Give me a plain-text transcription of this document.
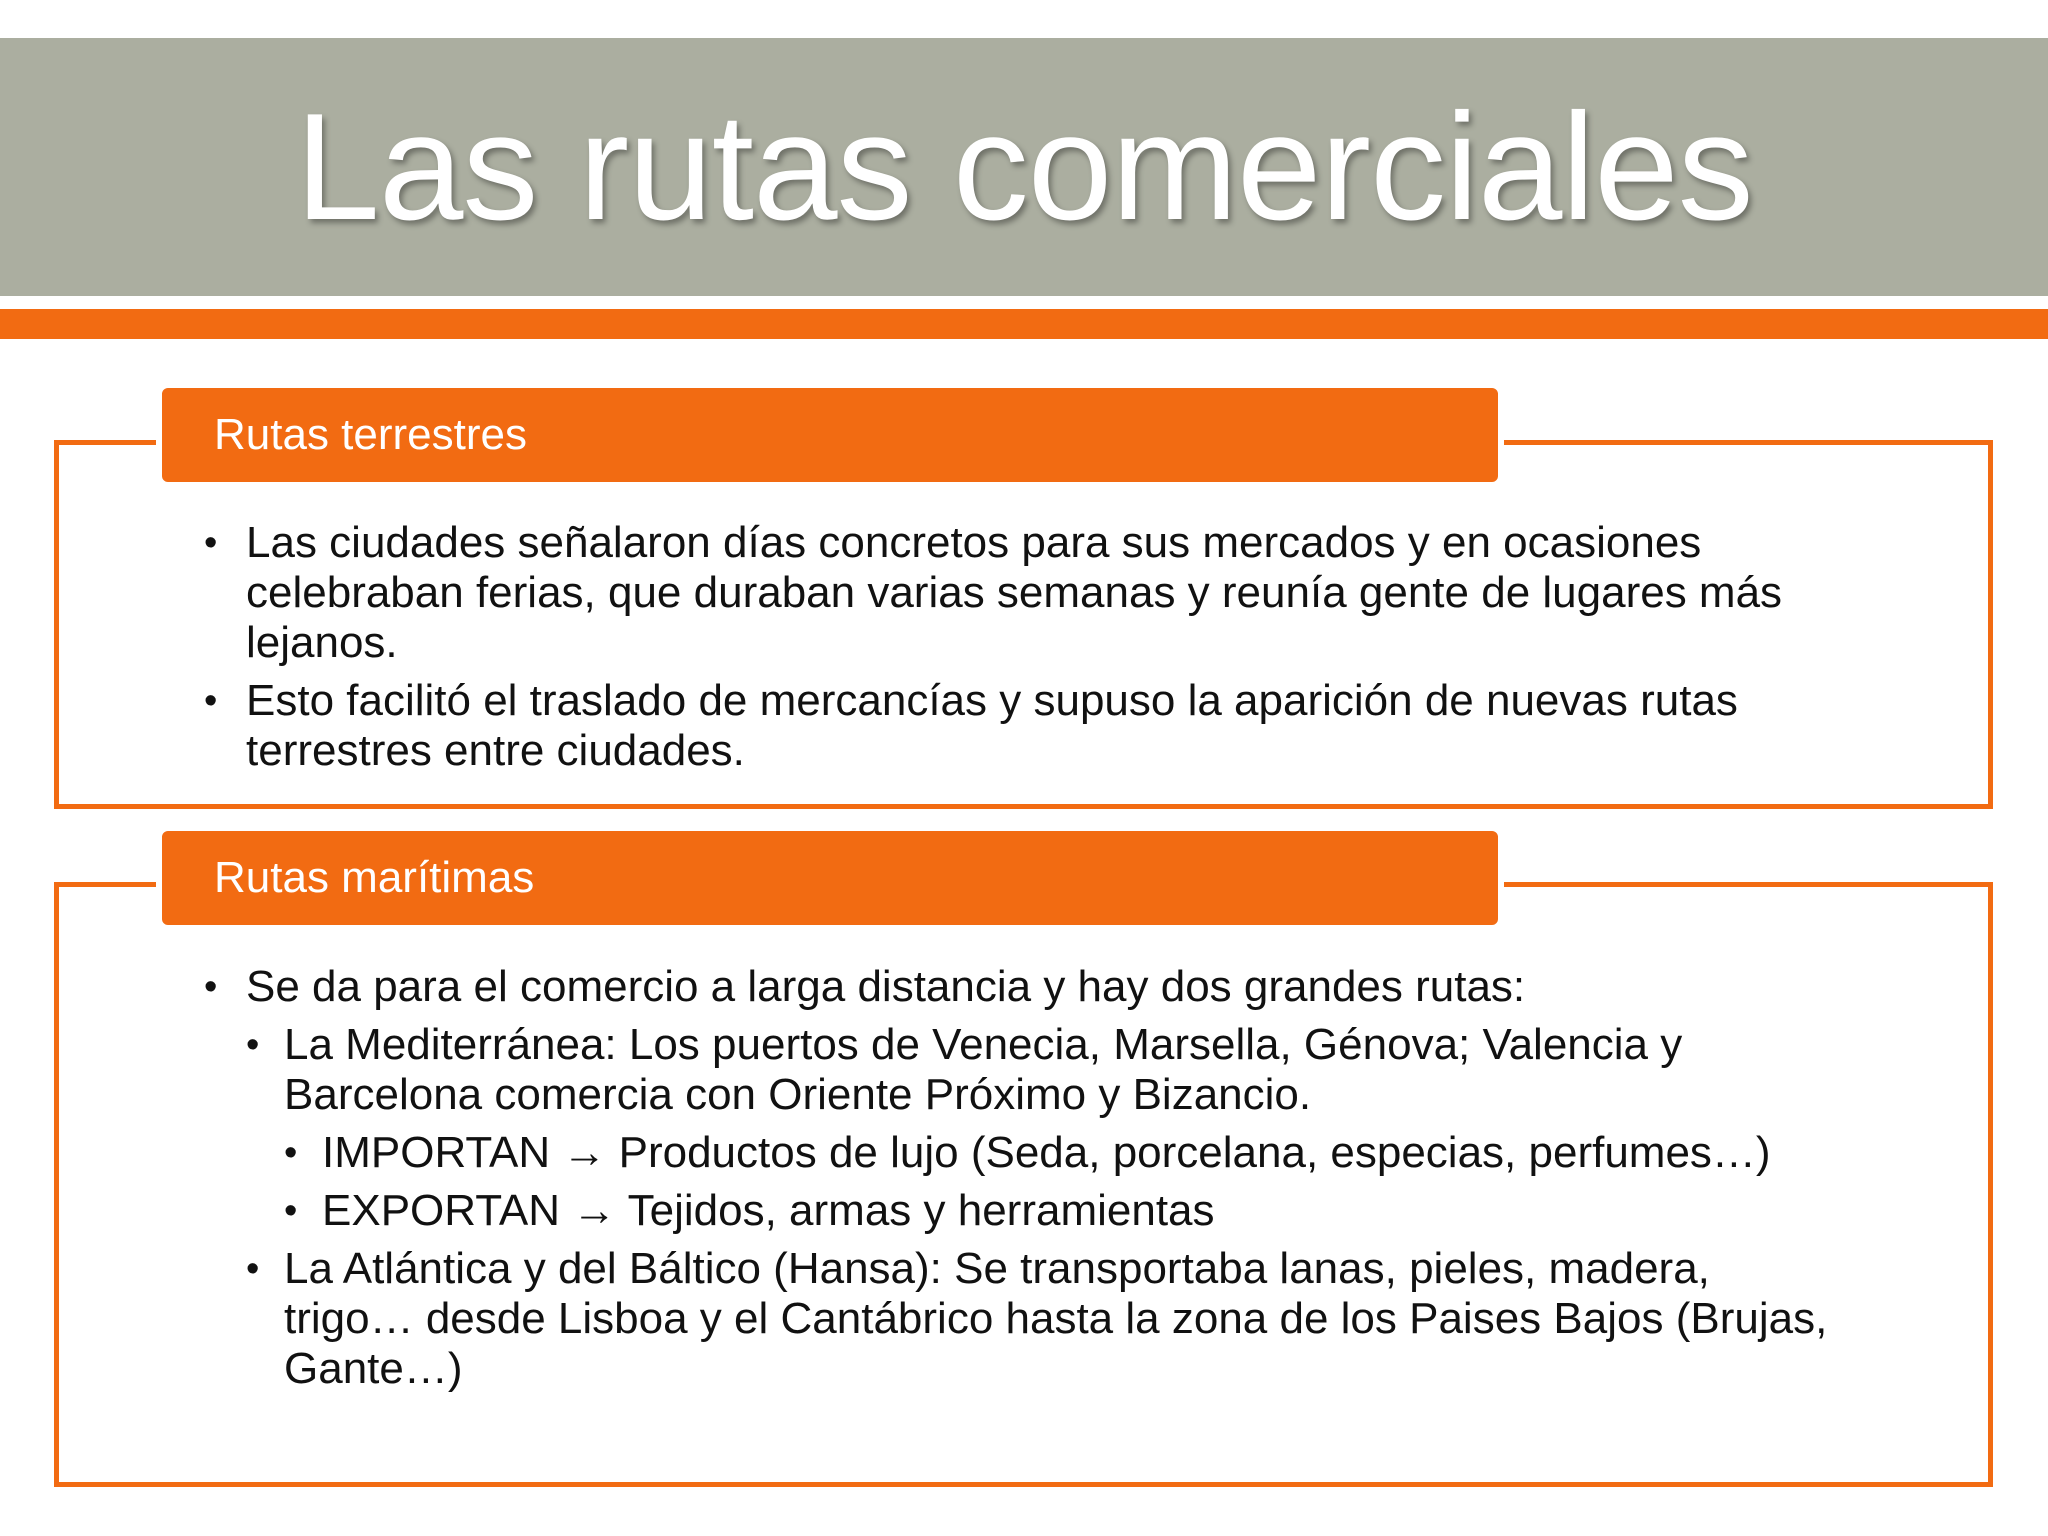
Las rutas comerciales
Rutas terrestres
• Las ciudades señalaron días concretos para sus mercados y en ocasiones celebraban ferias, que duraban varias semanas y reunía gente de lugares más lejanos.
• Esto facilitó el traslado de mercancías y supuso la aparición de nuevas rutas terrestres entre ciudades.
Rutas marítimas
• Se da para el comercio a larga distancia y hay dos grandes rutas:
• La Mediterránea: Los puertos de Venecia, Marsella, Génova; Valencia y Barcelona comercia con Oriente Próximo y Bizancio.
• IMPORTAN → Productos de lujo (Seda, porcelana, especias, perfumes…)
• EXPORTAN → Tejidos, armas y herramientas
• La Atlántica y del Báltico (Hansa): Se transportaba lanas, pieles, madera, trigo… desde Lisboa y el Cantábrico hasta la zona de los Paises Bajos (Brujas, Gante…)
